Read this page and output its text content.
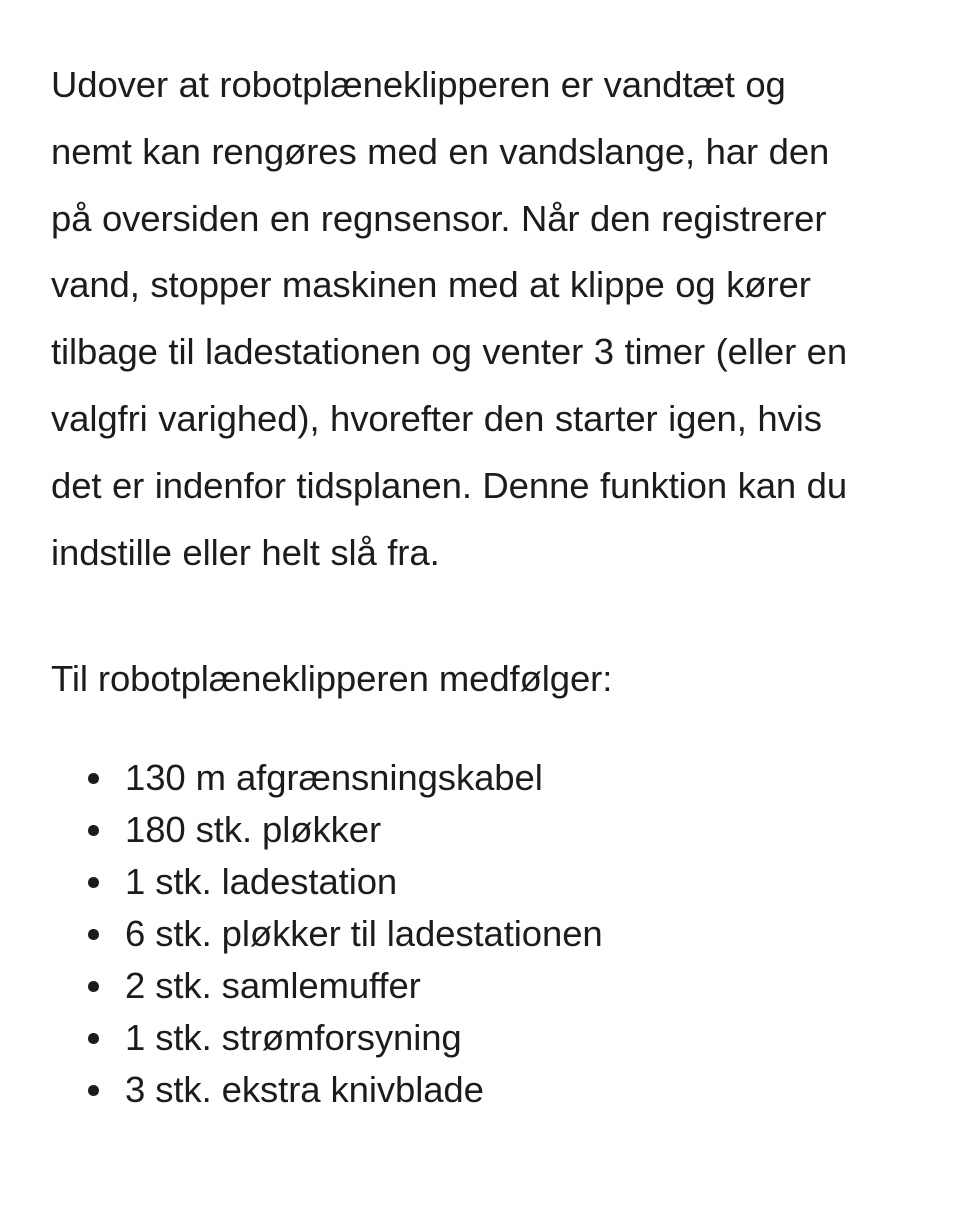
Udover at robotplæneklipperen er vandtæt og nemt kan rengøres med en vandslange, har den på oversiden en regnsensor. Når den registrerer vand, stopper maskinen med at klippe og kører tilbage til ladestationen og venter 3 timer (eller en valgfri varighed), hvorefter den starter igen, hvis det er indenfor tidsplanen. Denne funktion kan du indstille eller helt slå fra.

Til robotplæneklipperen medfølger:

130 m afgrænsningskabel
180 stk. pløkker
1 stk. ladestation
6 stk. pløkker til ladestationen
2 stk. samlemuffer
1 stk. strømforsyning
3 stk. ekstra knivblade
